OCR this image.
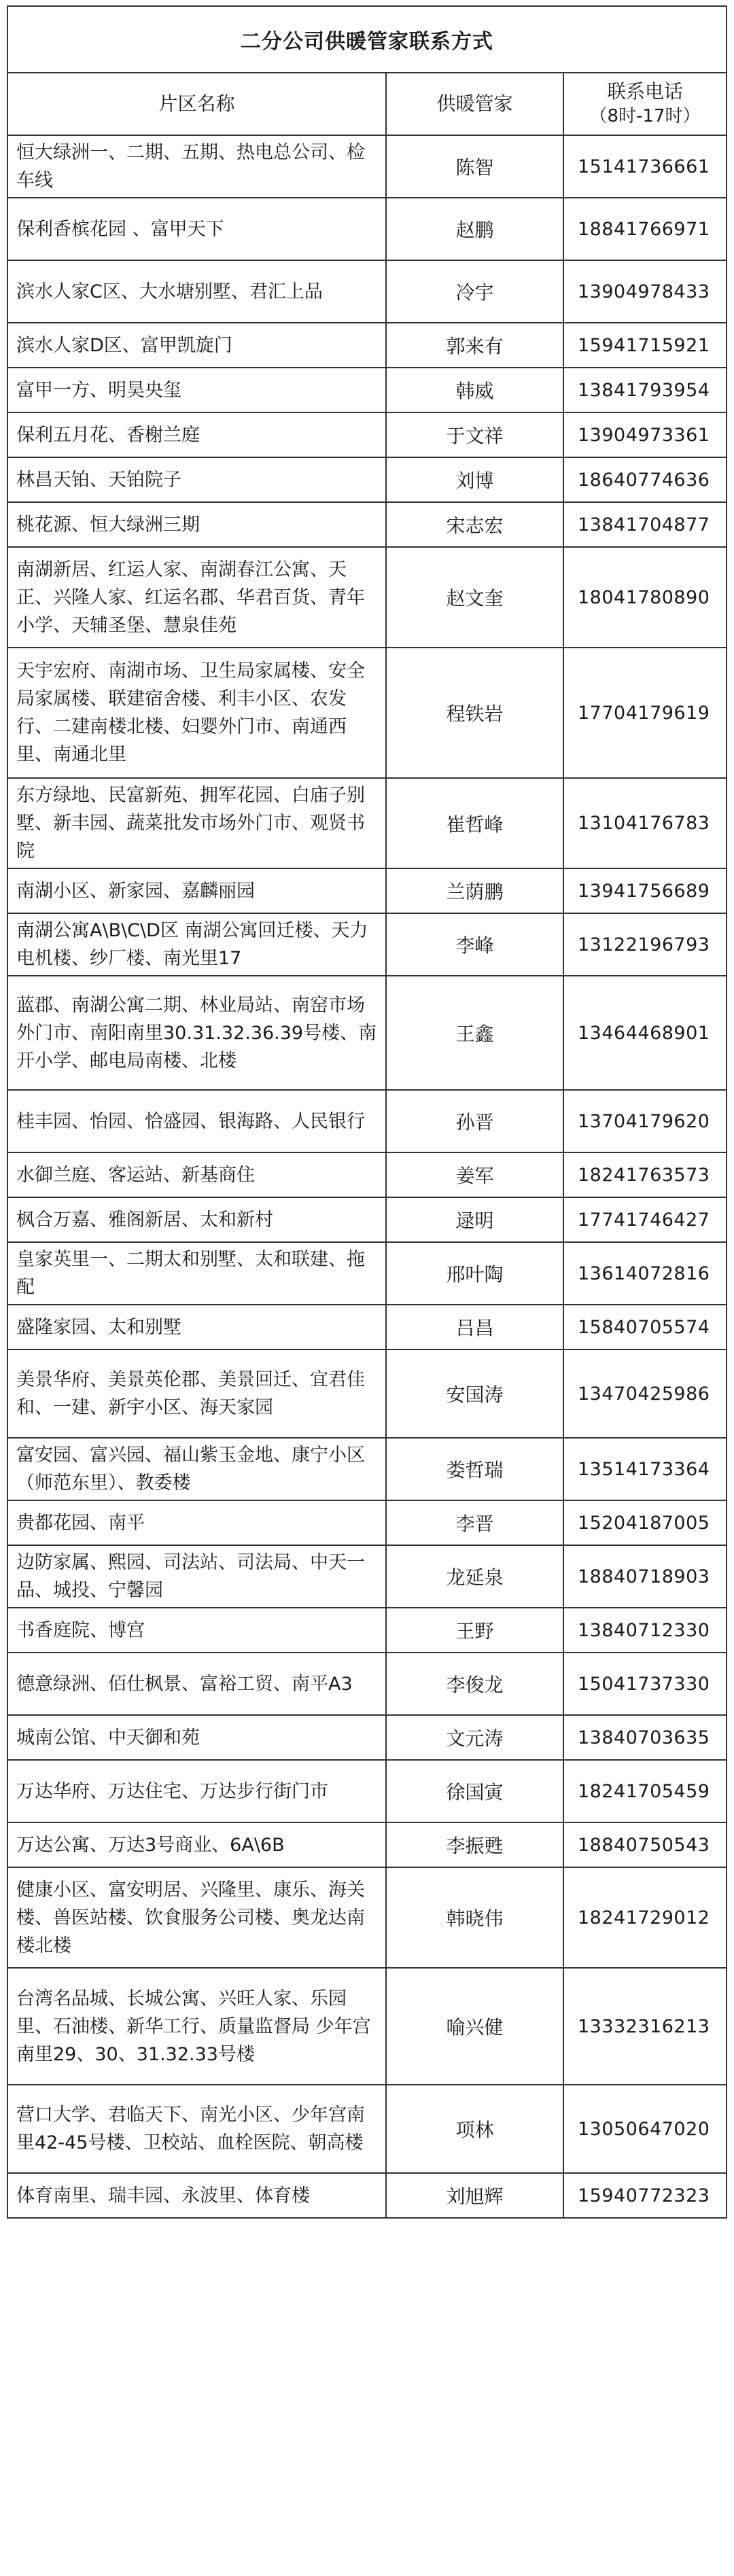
二分公司供暖管家联系方式		
片区名称	供暖管家	联系电话
（8时-17时）

恒大绿洲一、二期、五期、热电总公司、检车线	陈智	15141736661
保利香槟花园 、富甲天下	赵鹏	18841766971
滨水人家C区、大水塘别墅、君汇上品	冷宇	13904978433
滨水人家D区、富甲凯旋门	郭来有	15941715921
富甲一方、明昊央玺	韩威	13841793954
保利五月花、香榭兰庭	于文祥	13904973361
林昌天铂、天铂院子	刘博	18640774636
桃花源、恒大绿洲三期	宋志宏	13841704877
南湖新居、红运人家、南湖春江公寓、天正、兴隆人家、红运名郡、华君百货、青年小学、天辅圣堡、慧泉佳苑	赵文奎	18041780890
天宇宏府、南湖市场、卫生局家属楼、安全局家属楼、联建宿舍楼、利丰小区、农发行、二建南楼北楼、妇婴外门市、南通西里、南通北里	程铁岩	17704179619
东方绿地、民富新苑、拥军花园、白庙子别墅、新丰园、蔬菜批发市场外门市、观贤书院	崔哲峰	13104176783
南湖小区、新家园、嘉麟丽园	兰荫鹏	13941756689
南湖公寓A\B\C\D区 南湖公寓回迁楼、天力电机楼、纱厂楼、南光里17	李峰	13122196793
蓝郡、南湖公寓二期、林业局站、南窑市场外门市、南阳南里30.31.32.36.39号楼、南开小学、邮电局南楼、北楼	王鑫	13464468901
桂丰园、怡园、恰盛园、银海路、人民银行	孙晋	13704179620
水御兰庭、客运站、新基商住	姜军	18241763573
枫合万嘉、雅阁新居、太和新村	逯明	17741746427
皇家英里一、二期太和别墅、太和联建、拖配	邢叶陶	13614072816
盛隆家园、太和别墅	吕昌	15840705574
美景华府、美景英伦郡、美景回迁、宜君佳和、一建、新宇小区、海天家园	安国涛	13470425986
富安园、富兴园、福山紫玉金地、康宁小区（师范东里）、教委楼	娄哲瑞	13514173364
贵都花园、南平	李晋	15204187005
边防家属、熙园、司法站、司法局、中天一品、城投、宁馨园	龙延泉	18840718903
书香庭院、博宫	王野	13840712330
德意绿洲、佰仕枫景、富裕工贸、南平A3	李俊龙	15041737330
城南公馆、中天御和苑	文元涛	13840703635
万达华府、万达住宅、万达步行街门市	徐国寅	18241705459
万达公寓、万达3号商业、6A\6B	李振甦	18840750543
健康小区、富安明居、兴隆里、康乐、海关楼、兽医站楼、饮食服务公司楼、奥龙达南楼北楼	韩晓伟	18241729012
台湾名品城、长城公寓、兴旺人家、乐园里、石油楼、新华工行、质量监督局 少年宫南里29、30、31.32.33号楼	喻兴健	13332316213
营口大学、君临天下、南光小区、少年宫南里42-45号楼、卫校站、血栓医院、朝高楼	项林	13050647020
体育南里、瑞丰园、永波里、体育楼	刘旭辉	15940772323
